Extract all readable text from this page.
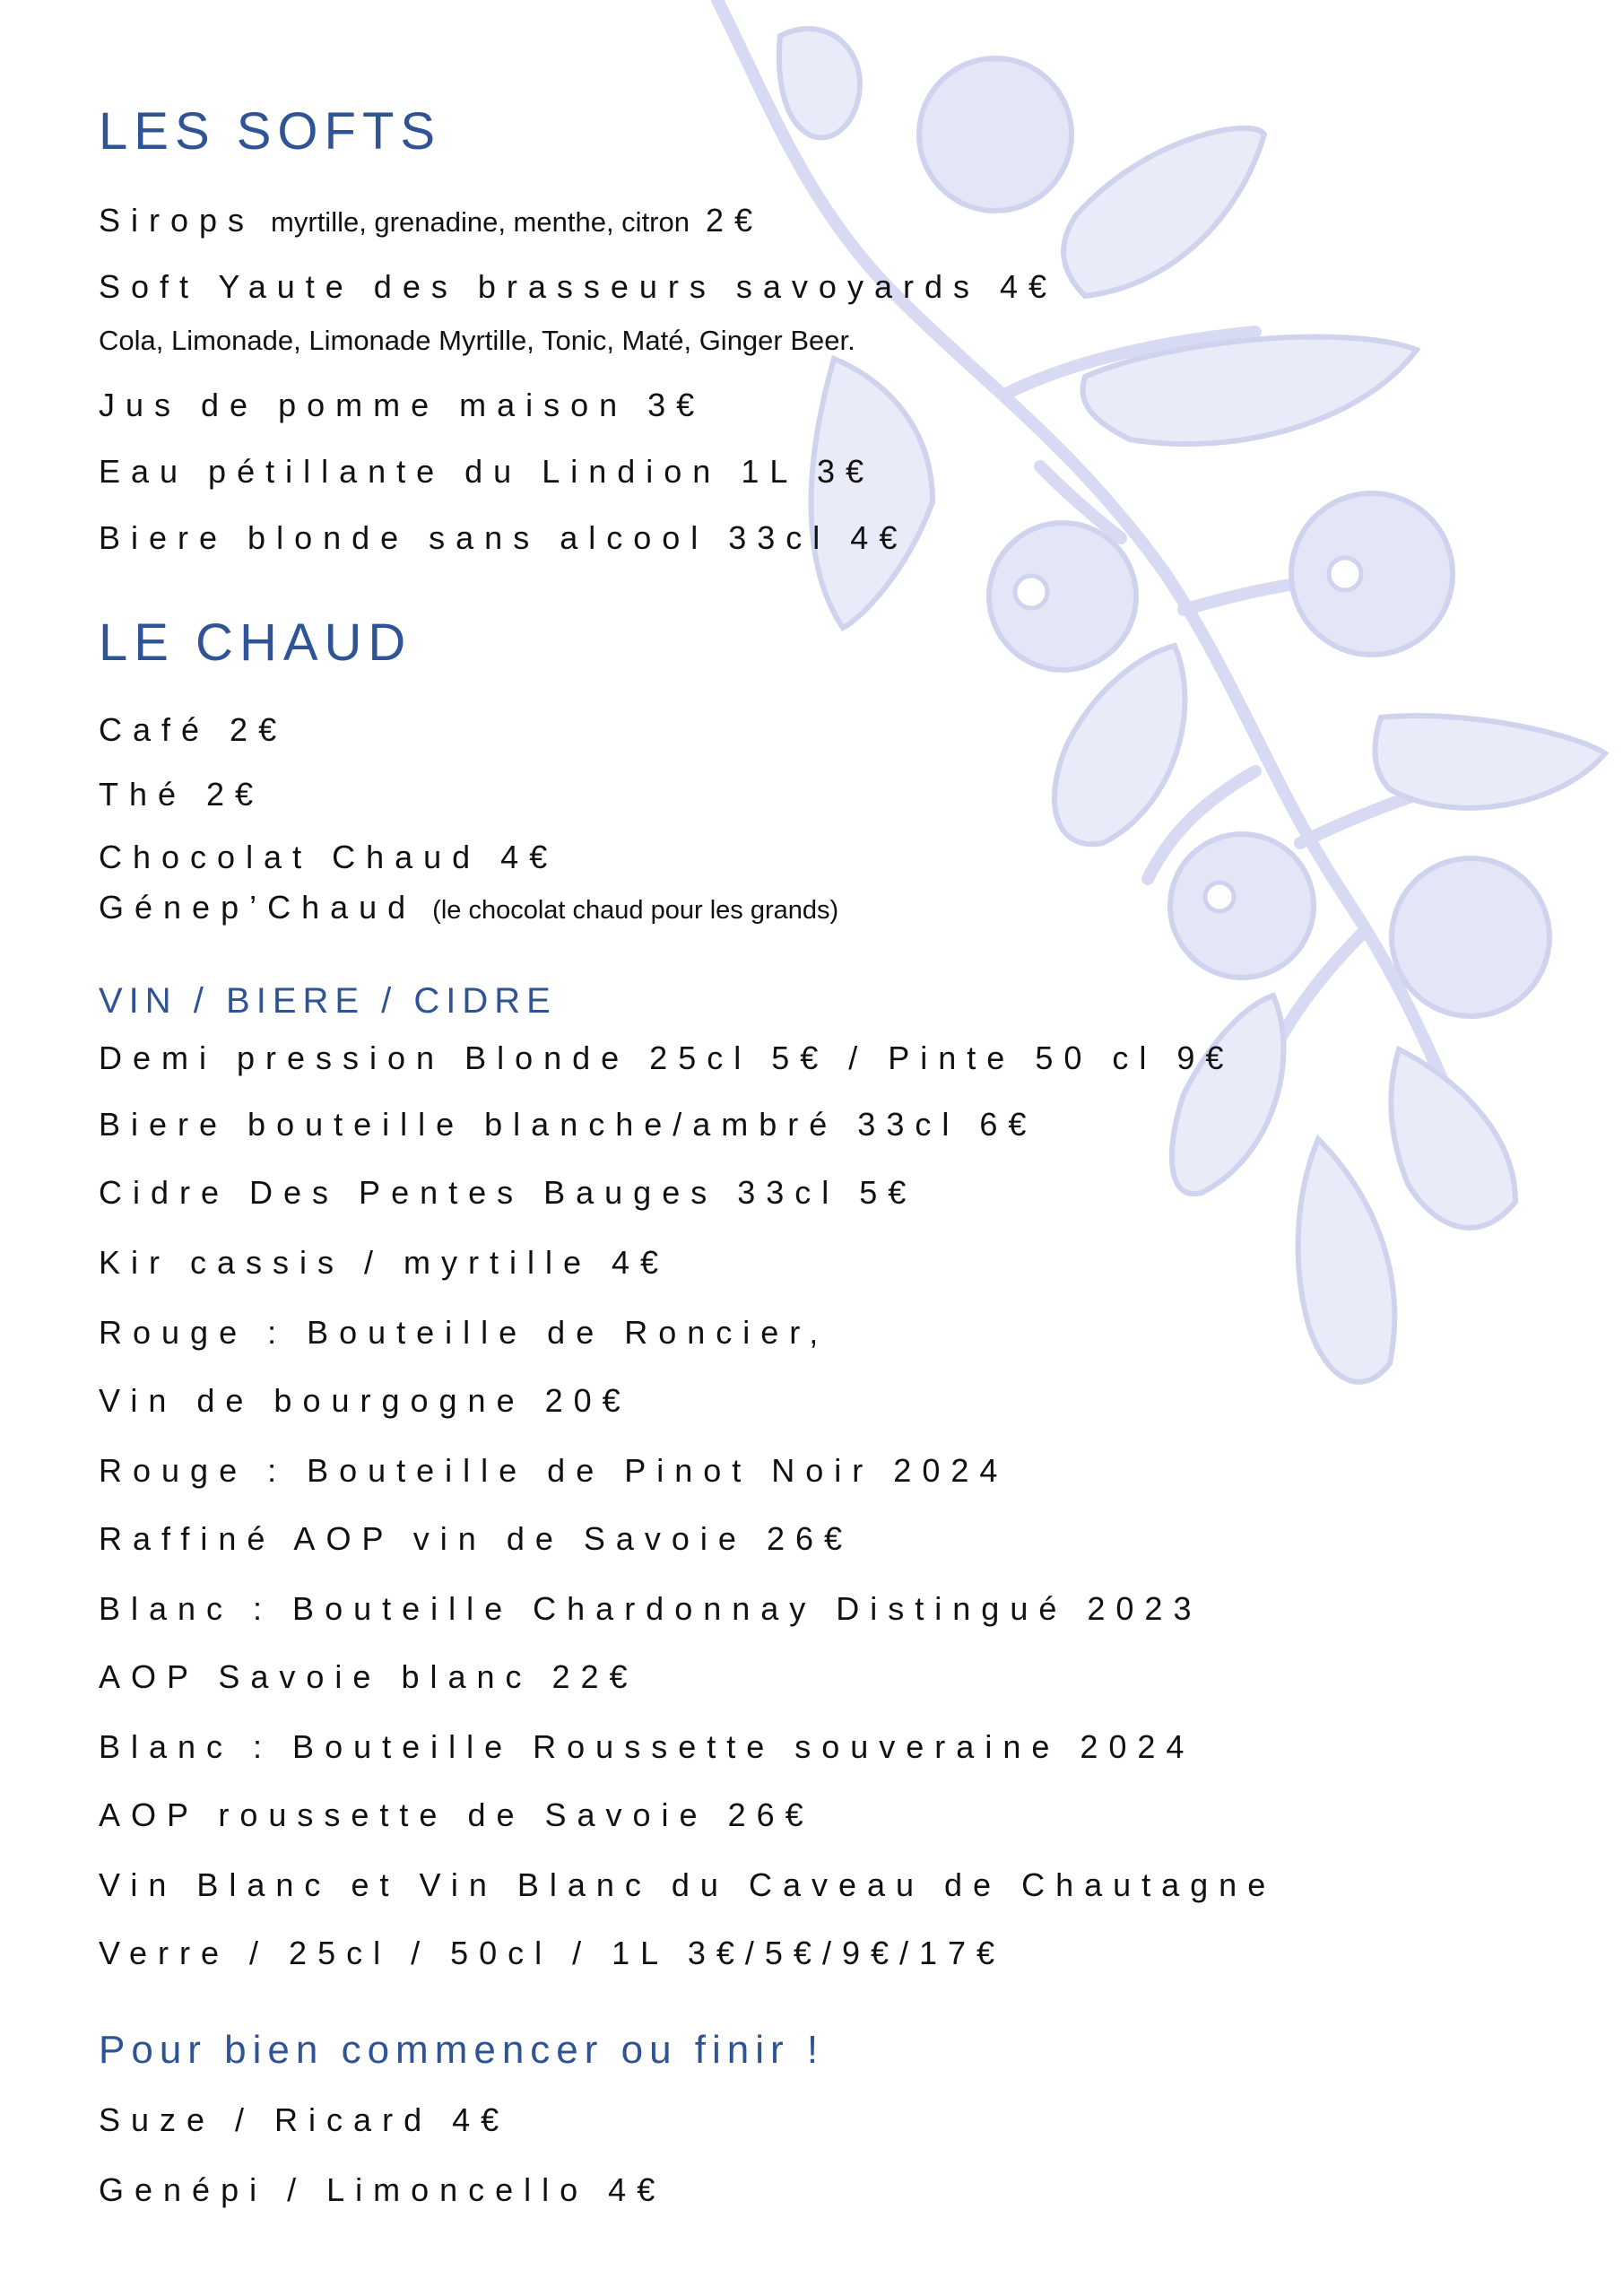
LES SOFTS
Sirops myrtille, grenadine, menthe, citron 2€
Soft Yaute des brasseurs savoyards 4€
Cola, Limonade, Limonade Myrtille, Tonic, Maté, Ginger Beer.
Jus de pomme maison 3€
Eau pétillante du Lindion 1L 3€
Biere blonde sans alcool 33cl 4€
LE CHAUD
Café 2€
Thé 2€
Chocolat Chaud 4€
Génep’Chaud (le chocolat chaud pour les grands)
VIN / BIERE / CIDRE
Demi pression Blonde 25cl 5€ / Pinte 50 cl 9€
Biere bouteille blanche/ambré 33cl 6€
Cidre Des Pentes Bauges 33cl 5€
Kir cassis / myrtille 4€
Rouge : Bouteille de Roncier,
Vin de bourgogne 20€
Rouge : Bouteille de Pinot Noir 2024
Raffiné AOP vin de Savoie 26€
Blanc : Bouteille Chardonnay Distingué 2023
AOP Savoie blanc 22€
Blanc : Bouteille Roussette souveraine 2024
AOP roussette de Savoie 26€
Vin Blanc et Vin Blanc du Caveau de Chautagne
Verre / 25cl / 50cl / 1L 3€/5€/9€/17€
Pour bien commencer ou finir !
Suze / Ricard 4€
Genépi / Limoncello 4€
